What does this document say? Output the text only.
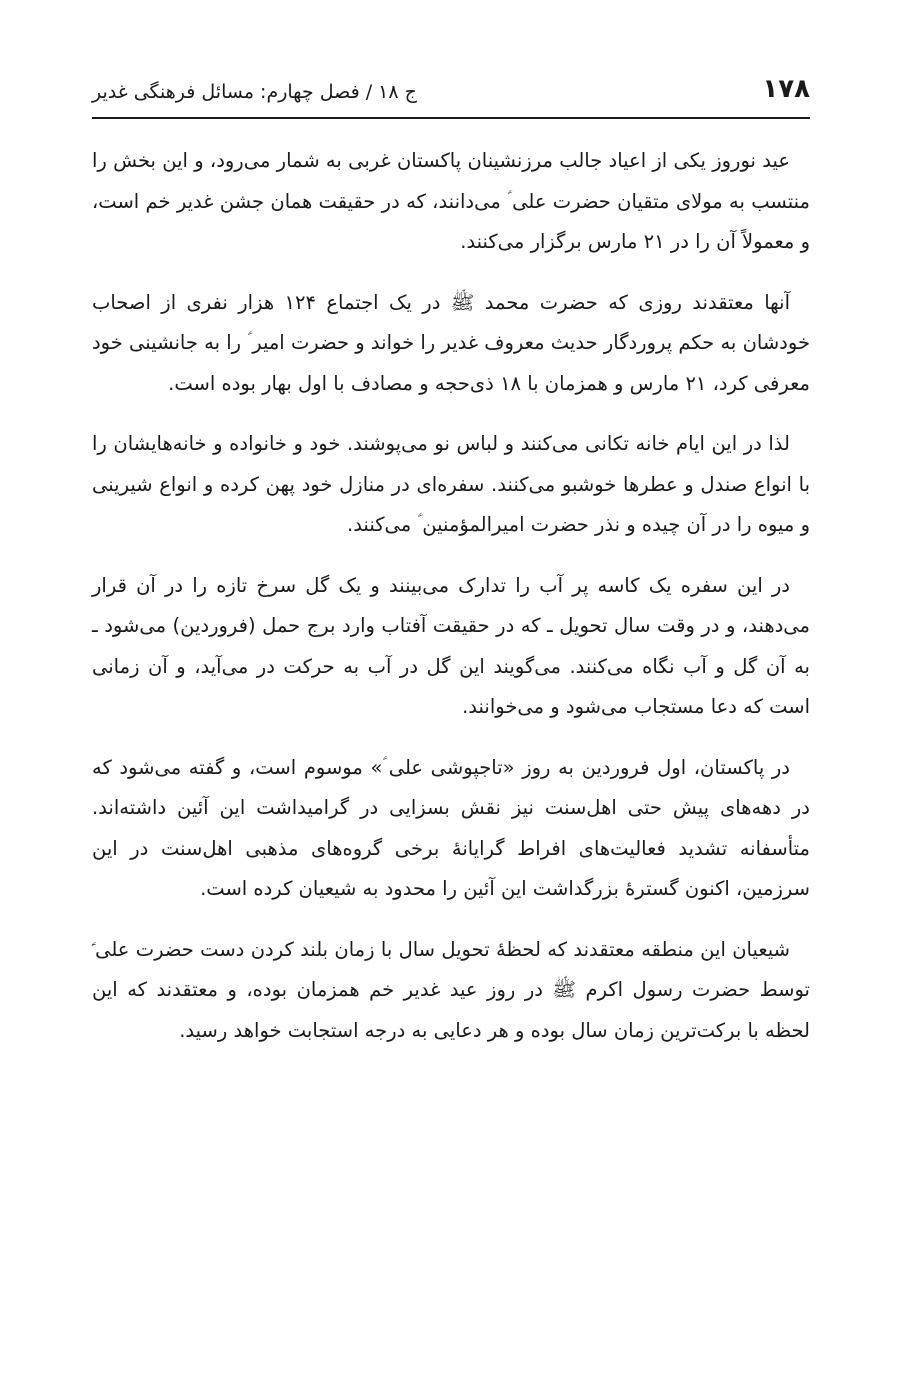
۱۷۸
ج ۱۸ / فصل چهارم: مسائل فرهنگی غدیر

عید نوروز یکی از اعیاد جالب مرزنشینان پاکستان غربی به شمار می‌رود، و این بخش را منتسب به مولای متقیان حضرت علی ؑ می‌دانند، که در حقیقت همان جشن غدیر خم است، و معمولاً آن را در ۲۱ مارس برگزار می‌کنند.

آنها معتقدند روزی که حضرت محمد ﷺ در یک اجتماع ۱۲۴ هزار نفری از اصحاب خودشان به حکم پروردگار حدیث معروف غدیر را خواند و حضرت امیر ؑ را به جانشینی خود معرفی کرد، ۲۱ مارس و همزمان با ۱۸ ذی‌حجه و مصادف با اول بهار بوده است.

لذا در این ایام خانه تکانی می‌کنند و لباس نو می‌پوشند. خود و خانواده و خانه‌هایشان را با انواع صندل و عطرها خوشبو می‌کنند. سفره‌ای در منازل خود پهن کرده و انواع شیرینی و میوه را در آن چیده و نذر حضرت امیرالمؤمنین ؑ می‌کنند.

در این سفره یک کاسه پر آب را تدارک می‌بینند و یک گل سرخ تازه را در آن قرار می‌دهند، و در وقت سال تحویل ـ که در حقیقت آفتاب وارد برج حمل (فروردین) می‌شود ـ به آن گل و آب نگاه می‌کنند. می‌گویند این گل در آب به حرکت در می‌آید، و آن زمانی است که دعا مستجاب می‌شود و می‌خوانند.

در پاکستان، اول فروردین به روز «تاجپوشی علی ؑ» موسوم است، و گفته می‌شود که در دهه‌های پیش حتی اهل‌سنت نیز نقش بسزایی در گرامیداشت این آئین داشته‌اند. متأسفانه تشدید فعالیت‌های افراط گرایانهٔ برخی گروه‌های مذهبی اهل‌سنت در این سرزمین، اکنون گسترهٔ بزرگداشت این آئین را محدود به شیعیان کرده است.

شیعیان این منطقه معتقدند که لحظهٔ تحویل سال با زمان بلند کردن دست حضرت علی ؑ توسط حضرت رسول اکرم ﷺ در روز عید غدیر خم همزمان بوده، و معتقدند که این لحظه با برکت‌ترین زمان سال بوده و هر دعایی به درجه استجابت خواهد رسید.
